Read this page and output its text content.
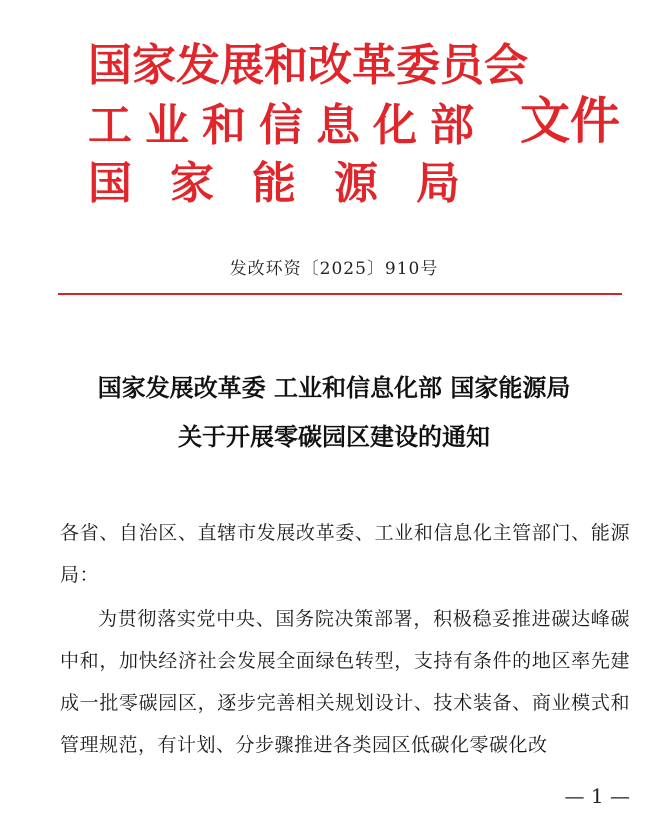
国家发展和改革委员会
工业和信息化部
国家能源局
文件
发改环资〔2025〕910号
国家发展改革委 工业和信息化部 国家能源局
关于开展零碳园区建设的通知
各省、自治区、直辖市发展改革委、工业和信息化主管部门、能源局：
为贯彻落实党中央、国务院决策部署，积极稳妥推进碳达峰碳中和，加快经济社会发展全面绿色转型，支持有条件的地区率先建成一批零碳园区，逐步完善相关规划设计、技术装备、商业模式和管理规范，有计划、分步骤推进各类园区低碳化零碳化改
— 1 —
